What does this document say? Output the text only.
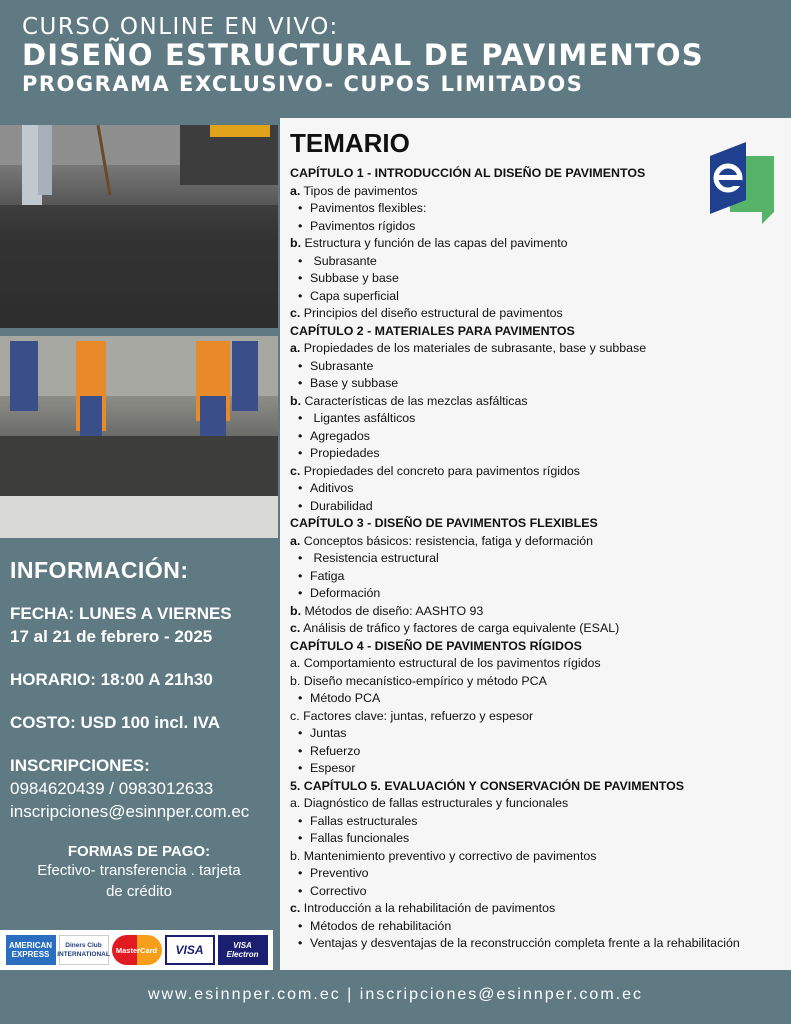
CURSO ONLINE EN VIVO:
DISEÑO ESTRUCTURAL DE PAVIMENTOS
PROGRAMA EXCLUSIVO- CUPOS LIMITADOS
INFORMACIÓN:
FECHA: LUNES A VIERNES
17 al 21 de febrero - 2025
HORARIO: 18:00 A 21h30
COSTO: USD 100 incl. IVA
INSCRIPCIONES:
0984620439 / 0983012633
inscripciones@esinnper.com.ec
FORMAS DE PAGO:
Efectivo- transferencia . tarjeta
de crédito
AMERICAN EXPRESS
Diners Club INTERNATIONAL MasterCard	VISA	VISA Electron
TEMARIO
CAPÍTULO 1 - INTRODUCCIÓN AL DISEÑO DE PAVIMENTOS
a. Tipos de pavimentos
• Pavimentos flexibles:
• Pavimentos rígidos
b. Estructura y función de las capas del pavimento
• Subrasante
• Subbase y base
• Capa superficial
c. Principios del diseño estructural de pavimentos
CAPÍTULO 2 - MATERIALES PARA PAVIMENTOS
a. Propiedades de los materiales de subrasante, base y subbase
• Subrasante
• Base y subbase
b. Características de las mezclas asfálticas
• Ligantes asfálticos
• Agregados
• Propiedades
c. Propiedades del concreto para pavimentos rígidos
• Aditivos
• Durabilidad
CAPÍTULO 3 - DISEÑO DE PAVIMENTOS FLEXIBLES
a. Conceptos básicos: resistencia, fatiga y deformación
• Resistencia estructural
• Fatiga
• Deformación
b. Métodos de diseño: AASHTO 93
c. Análisis de tráfico y factores de carga equivalente (ESAL)
CAPÍTULO 4 - DISEÑO DE PAVIMENTOS RÍGIDOS
a. Comportamiento estructural de los pavimentos rígidos
b. Diseño mecanístico-empírico y método PCA
• Método PCA
c. Factores clave: juntas, refuerzo y espesor
• Juntas
• Refuerzo
• Espesor
5. CAPÍTULO 5. EVALUACIÓN Y CONSERVACIÓN DE PAVIMENTOS
a. Diagnóstico de fallas estructurales y funcionales
• Fallas estructurales
• Fallas funcionales
b. Mantenimiento preventivo y correctivo de pavimentos
• Preventivo
• Correctivo
c. Introducción a la rehabilitación de pavimentos
• Métodos de rehabilitación
• Ventajas y desventajas de la reconstrucción completa frente a la rehabilitación
www.esinnper.com.ec | inscripciones@esinnper.com.ec
